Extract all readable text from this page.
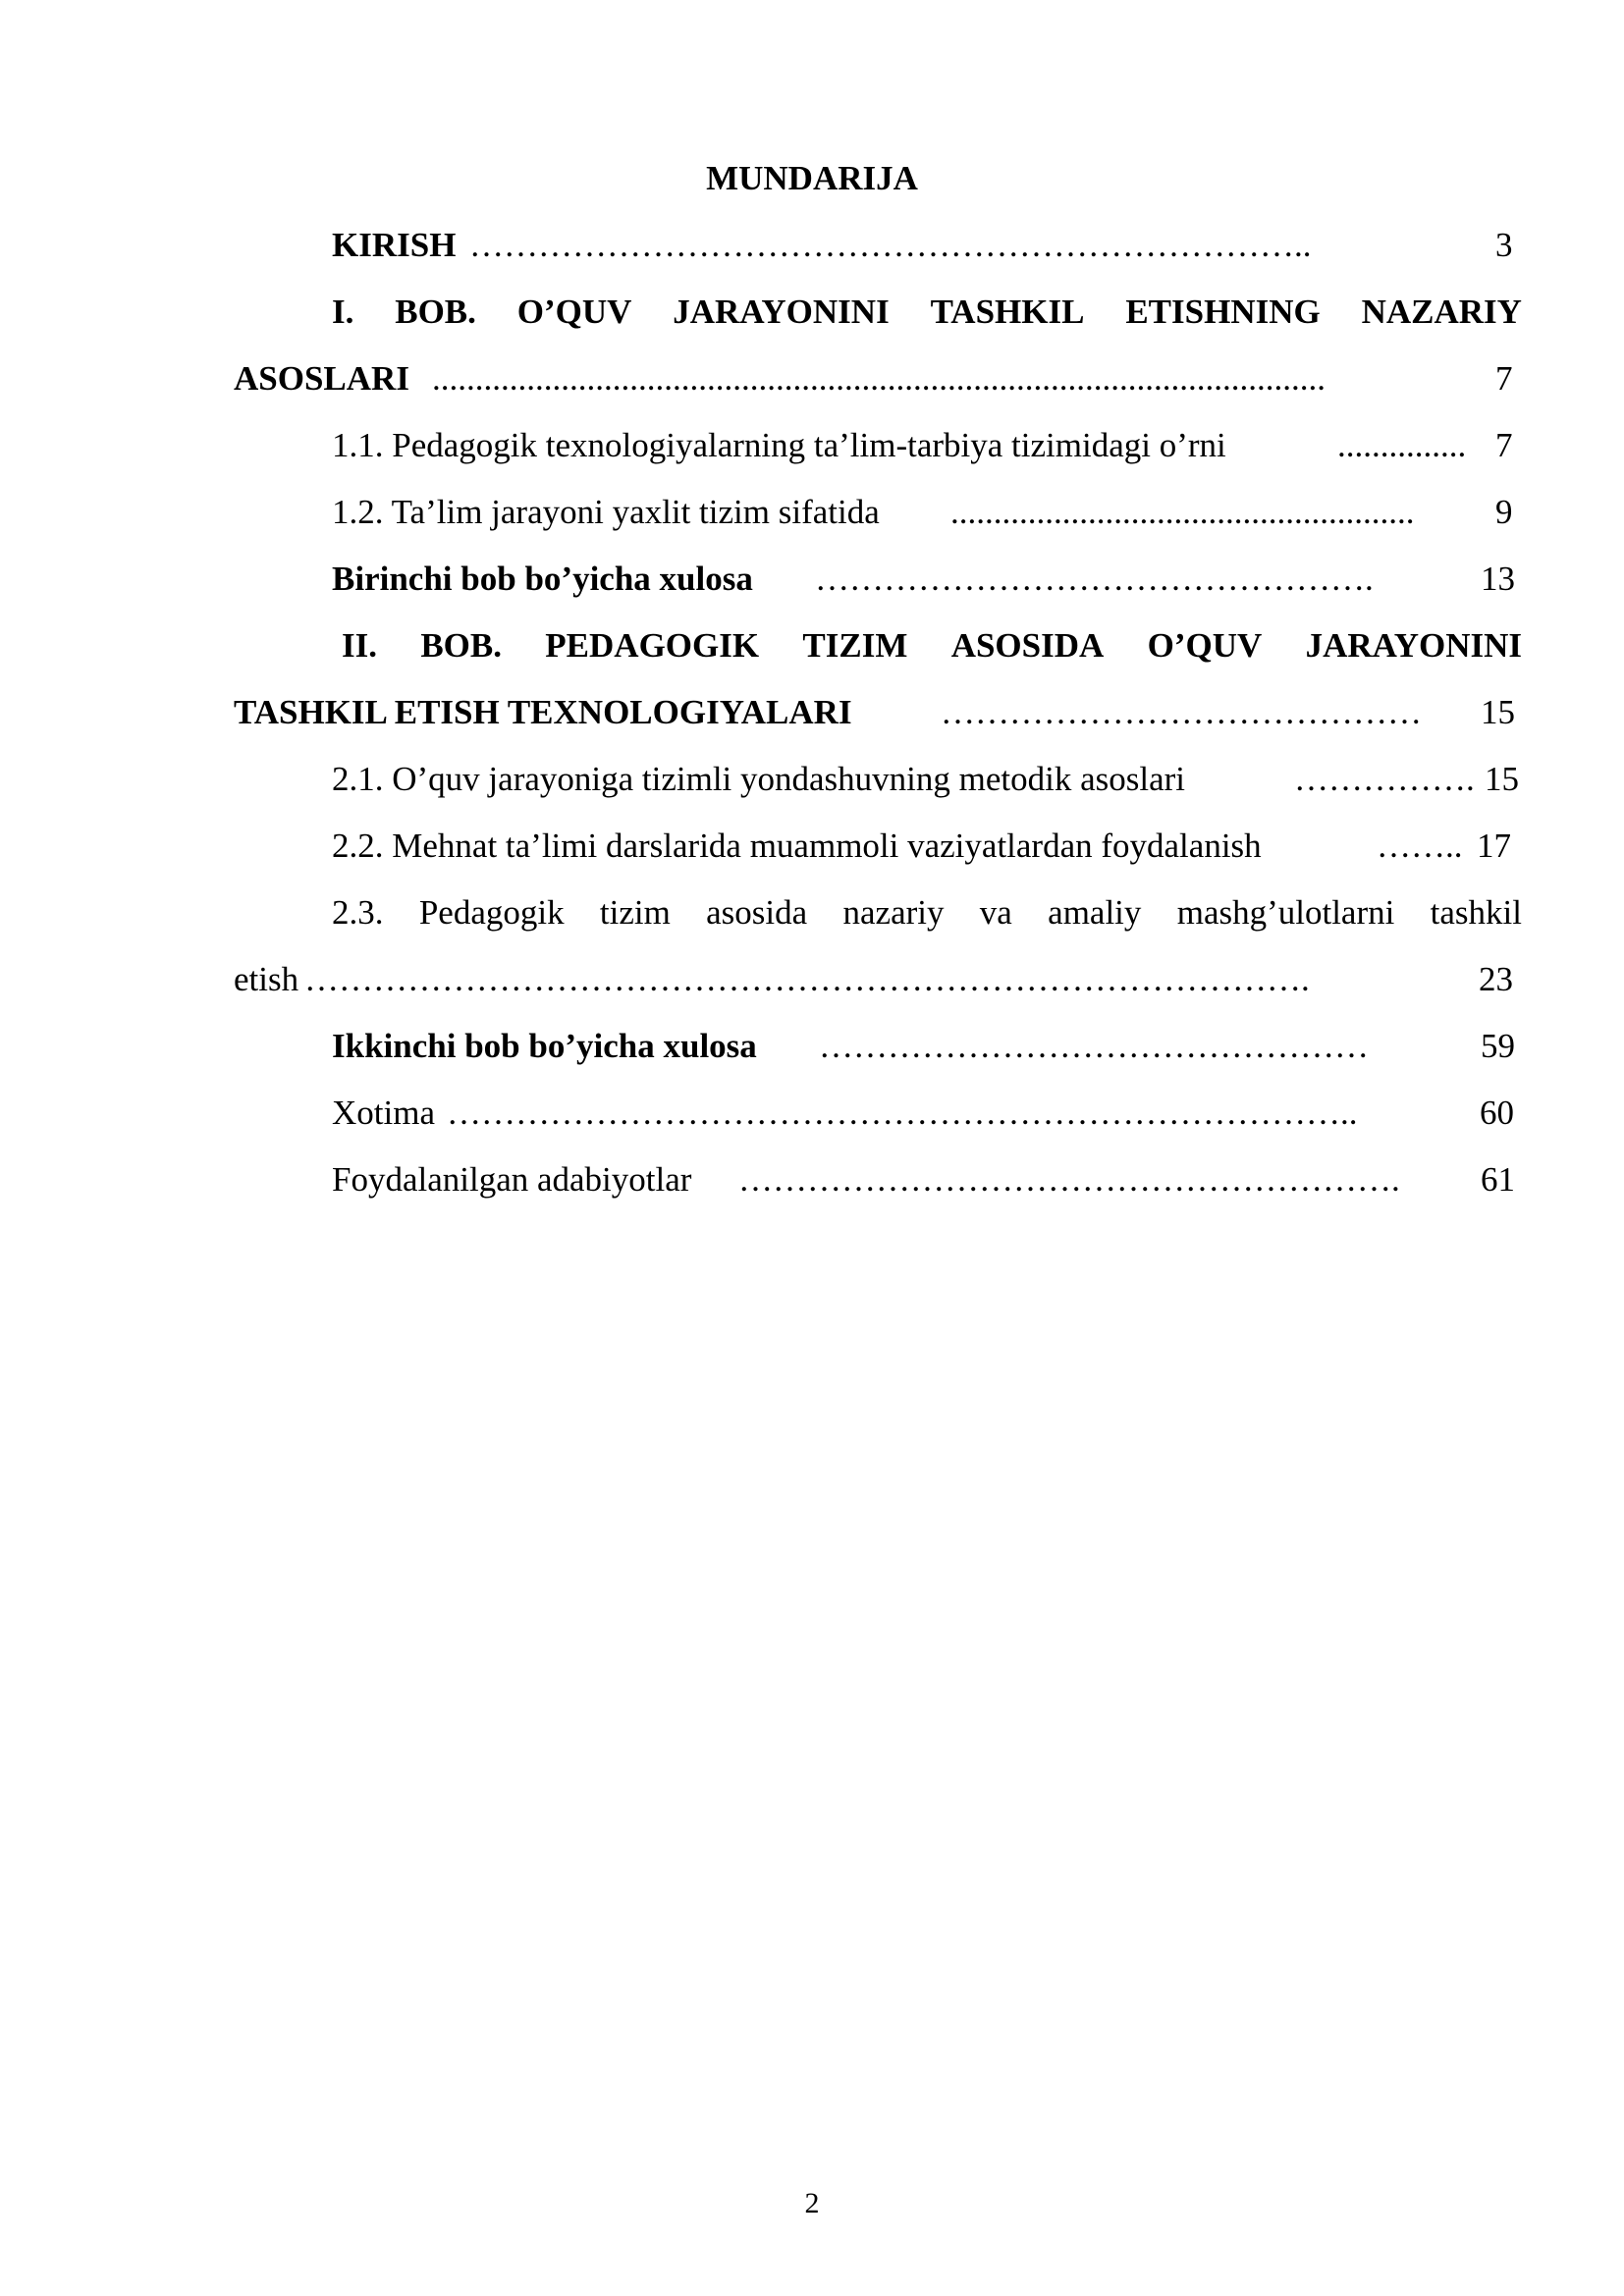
MUNDARIJA
KIRISH ………………………………………………………………..	3
I. BOB. O’QUV JARAYONINI TASHKIL ETISHNING NAZARIY
ASOSLARI ........................................................................................................	7
1.1. Pedagogik texnologiyalarning ta’lim-tarbiya tizimidagi o’rni	............... 7
1.2. Ta’lim jarayoni yaxlit tizim sifatida ......................................................	9
Birinchi bob bo’yicha xulosa ………………………………………….	13
II. BOB. PEDAGOGIK TIZIM ASOSIDA O’QUV JARAYONINI
TASHKIL ETISH TEXNOLOGIYALARI	……………………………………	15
2.1. O’quv jarayoniga tizimli yondashuvning metodik asoslari	……………. 15
2.2. Mehnat ta’limi darslarida muammoli vaziyatlardan foydalanish	…….. 17
2.3. Pedagogik tizim asosida nazariy va amaliy mashg’ulotlarni tashkil
etish …………………………………………………………………………….	23
Ikkinchi bob bo’yicha xulosa …………………………………………	59
Xotima ……………………………………………………………………..	60
Foydalanilgan adabiyotlar ………………………………………………….	61
2
